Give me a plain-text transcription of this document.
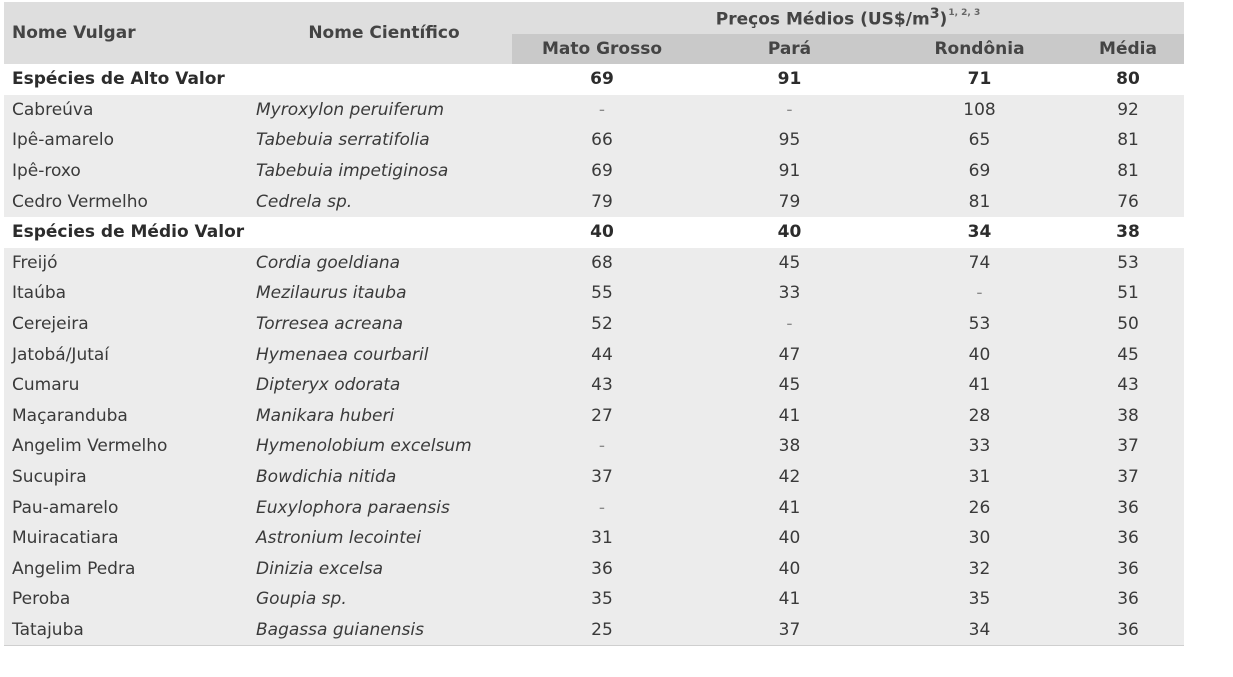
Nome Vulgar	Nome Científico	Preços Médios $(US\$/m^3)^{1, 2, 3}$
		Mato Grosso	Pará	Rondônia	Média
Espécies de Alto Valor		69	91	71	80
Cabreúva	Myroxylon peruiferum	-	-	108	92
Ipê-amarelo	Tabebuia serratifolia	66	95	65	81
Ipê-roxo	Tabebuia impetiginosa	69	91	69	81
Cedro Vermelho	Cedrela sp.	79	79	81	76
Espécies de Médio Valor		40	40	34	38
Freijó	Cordia goeldiana	68	45	74	53
Itaúba	Mezilaurus itauba	55	33	-	51
Cerejeira	Torresea acreana	52	-	53	50
Jatobá/Jutaí	Hymenaea courbaril	44	47	40	45
Cumaru	Dipteryx odorata	43	45	41	43
Maçaranduba	Manikara huberi	27	41	28	38
Angelim Vermelho	Hymenolobium excelsum	-	38	33	37
Sucupira	Bowdichia nitida	37	42	31	37
Pau-amarelo	Euxylophora paraensis	-	41	26	36
Muiracatiara	Astronium lecointei	31	40	30	36
Angelim Pedra	Dinizia excelsa	36	40	32	36
Peroba	Goupia sp.	35	41	35	36
Tatajuba	Bagassa guianensis	25	37	34	36
